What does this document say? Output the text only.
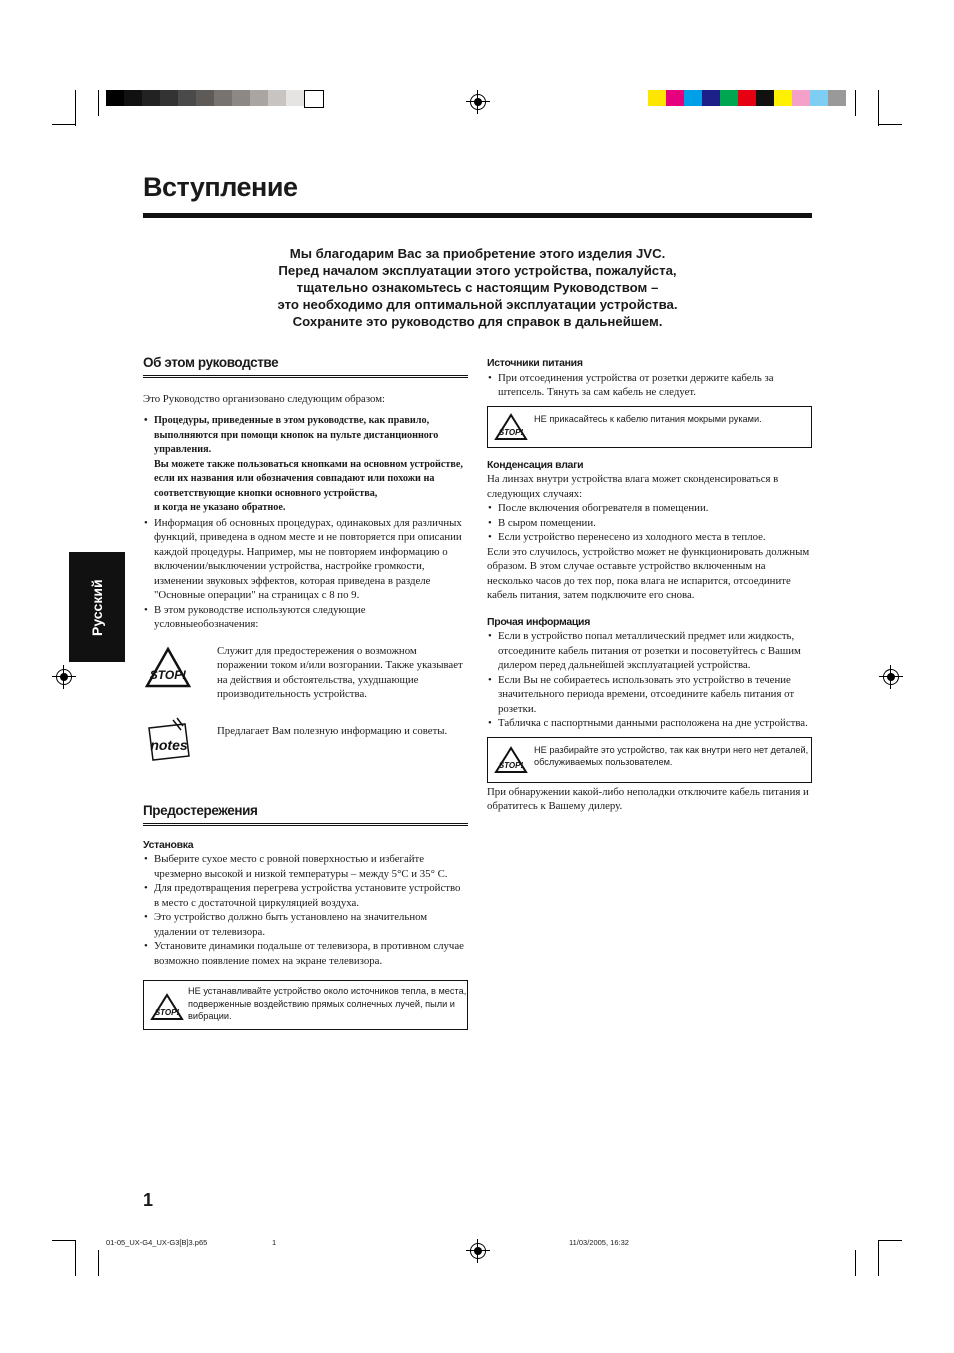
Вступление
Мы благодарим Вас за приобретение этого изделия JVC.
Перед началом эксплуатации этого устройства, пожалуйста,
тщательно ознакомьтесь с настоящим Руководством –
это необходимо для оптимальной эксплуатации устройства.
Сохраните это руководство для справок в дальнейшем.
Русский
Об этом руководстве

Это Руководство организовано следующим образом:

• Процедуры, приведенные в этом руководстве, как правило, выполняются при помощи кнопок на пульте дистанционного управления.
Вы можете также пользоваться кнопками на основном устройстве, если их названия или обозначения совпадают или похожи на соответствующие кнопки основного устройства,
и когда не указано обратное.
• Информация об основных процедурах, одинаковых для различных функций, приведена в одном месте и не повторяется при описании каждой процедуры. Например, мы не повторяем информацию о включении/выключении устройства, настройке громкости, изменении звуковых эффектов, которая приведена в разделе "Основные операции" на страницах с 8 по 9.
• В этом руководстве используются следующие условныеобозначения:
STOP!

Служит для предостережения о возможном поражении током и/или возгорании. Также указывает на действия и обстоятельства, ухудшающие производительность устройства.

notes

Предлагает Вам полезную информацию и советы.

Предостережения
Установка
• Выберите сухое место с ровной поверхностью и избегайте чрезмерно высокой и низкой температуры – между 5°C и 35° C.
• Для предотвращения перегрева устройства установите устройство в место с достаточной циркуляцией воздуха.
• Это устройство должно быть установлено на значительном удалении от телевизора.
• Установите динамики подальше от телевизора, в противном случае возможно появление помех на экране телевизора.
STOP!
НЕ устанавливайте устройство около источников тепла, в места, подверженные воздействию прямых солнечных лучей, пыли и вибрации.
Источники питания
• При отсоединения устройства от розетки держите кабель за штепсель. Тянуть за сам кабель не следует.
STOP!
НЕ прикасайтесь к кабелю питания мокрыми руками.
Конденсация влаги

На линзах внутри устройства влага может сконденсироваться в следующих случаях:

• После включения обогревателя в помещении.
• В сыром помещении.
• Если устройство перенесено из холодного места в теплое.

Если это случилось, устройство может не функционировать должным образом. В этом случае оставьте устройство включенным на несколько часов до тех пор, пока влага не испарится, отсоедините кабель питания, затем подключите его снова.

Прочая информация
• Если в устройство попал металлический предмет или жидкость, отсоедините кабель питания от розетки и посоветуйтесь с Вашим дилером перед дальнейшей эксплуатацией устройства.
• Если Вы не собираетесь использовать это устройство в течение значительного периода времени, отсоедините кабель питания от розетки.
• Табличка с паспортными данными расположена на дне устройства.
STOP!
НЕ разбирайте это устройство, так как внутри него нет деталей, обслуживаемых пользователем.

При обнаружении какой-либо неполадки отключите кабель питания и обратитесь к Вашему дилеру.

1
01-05_UX-G4_UX-G3[B]3.p65	1	11/03/2005, 16:32
